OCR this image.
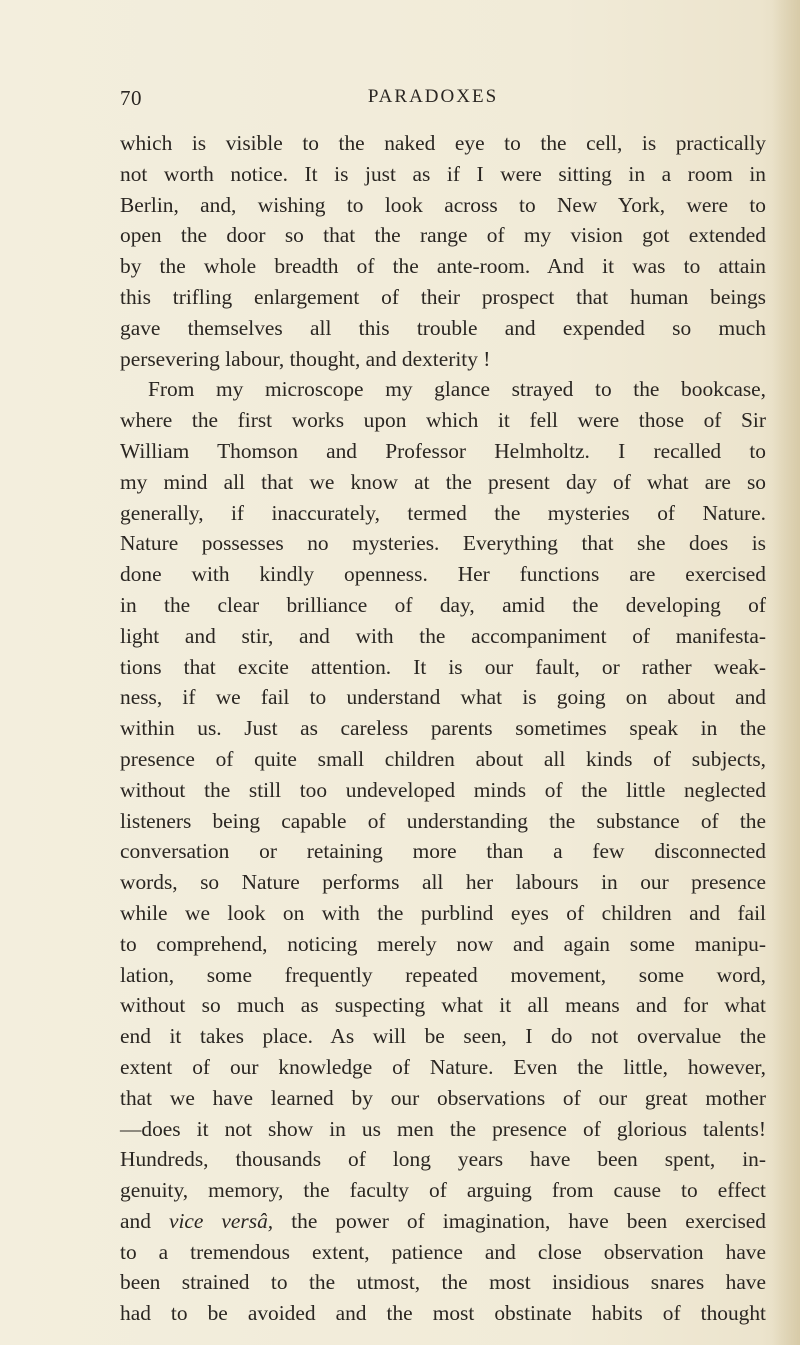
70	PARADOXES
which is visible to the naked eye to the cell, is practically
not worth notice. It is just as if I were sitting in a room in
Berlin, and, wishing to look across to New York, were to
open the door so that the range of my vision got extended
by the whole breadth of the ante-room. And it was to attain
this trifling enlargement of their prospect that human beings
gave themselves all this trouble and expended so much
persevering labour, thought, and dexterity !
From my microscope my glance strayed to the bookcase,
where the first works upon which it fell were those of Sir
William Thomson and Professor Helmholtz. I recalled to
my mind all that we know at the present day of what are so
generally, if inaccurately, termed the mysteries of Nature.
Nature possesses no mysteries. Everything that she does is
done with kindly openness. Her functions are exercised
in the clear brilliance of day, amid the developing of
light and stir, and with the accompaniment of manifesta-
tions that excite attention. It is our fault, or rather weak-
ness, if we fail to understand what is going on about and
within us. Just as careless parents sometimes speak in the
presence of quite small children about all kinds of subjects,
without the still too undeveloped minds of the little neglected
listeners being capable of understanding the substance of the
conversation or retaining more than a few disconnected
words, so Nature performs all her labours in our presence
while we look on with the purblind eyes of children and fail
to comprehend, noticing merely now and again some manipu-
lation, some frequently repeated movement, some word,
without so much as suspecting what it all means and for what
end it takes place. As will be seen, I do not overvalue the
extent of our knowledge of Nature. Even the little, however,
that we have learned by our observations of our great mother
—does it not show in us men the presence of glorious talents!
Hundreds, thousands of long years have been spent, in-
genuity, memory, the faculty of arguing from cause to effect
and vice versâ, the power of imagination, have been exercised
to a tremendous extent, patience and close observation have
been strained to the utmost, the most insidious snares have
had to be avoided and the most obstinate habits of thought
